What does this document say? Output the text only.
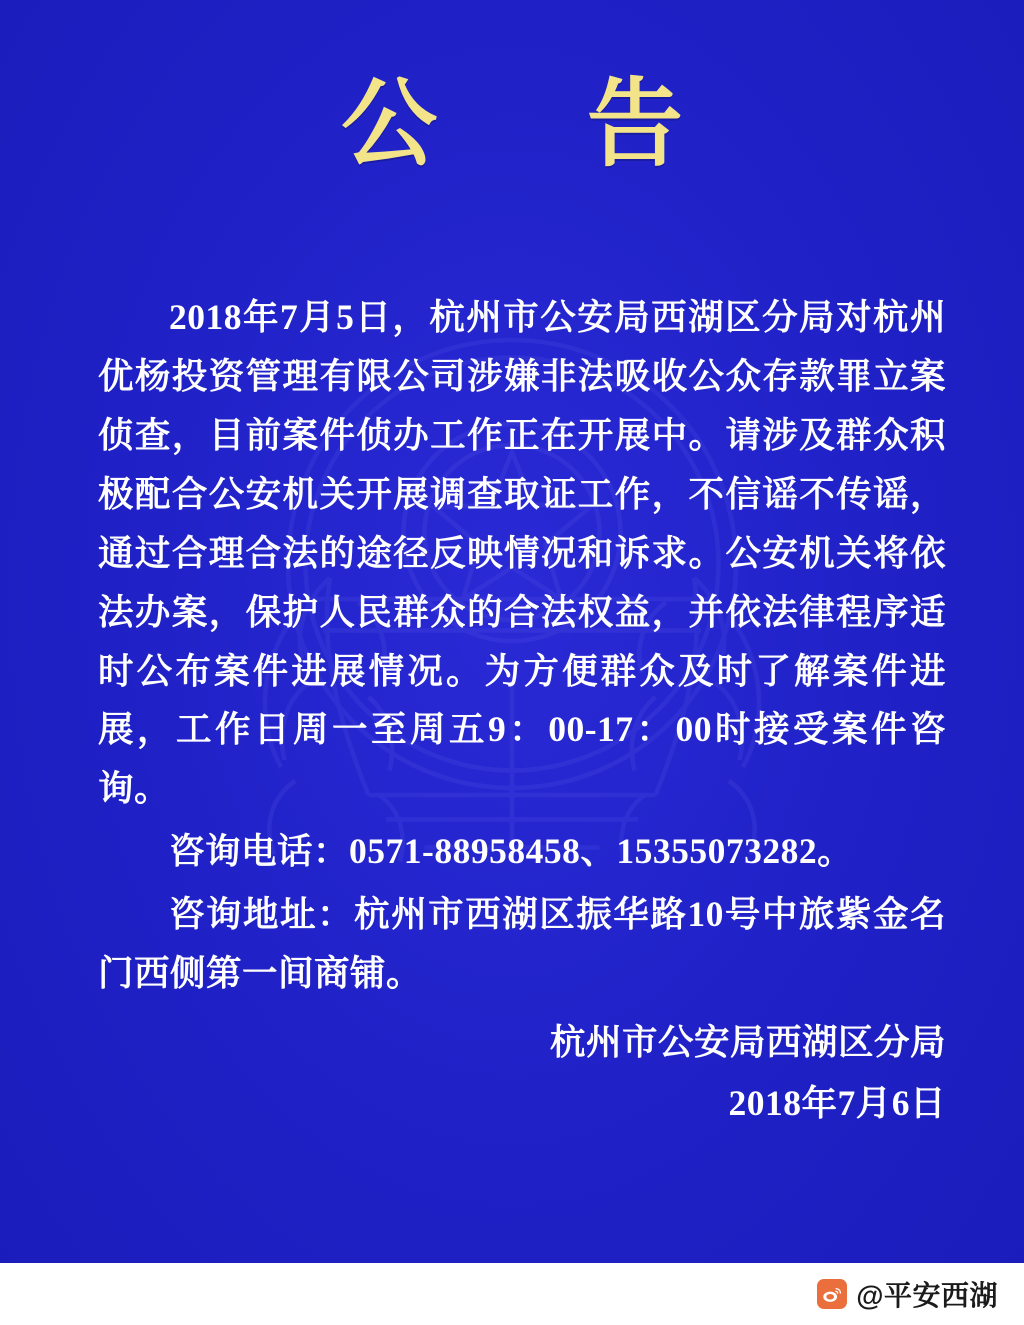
公　告

2018年7月5日，杭州市公安局西湖区分局对杭州优杨投资管理有限公司涉嫌非法吸收公众存款罪立案侦查，目前案件侦办工作正在开展中。请涉及群众积极配合公安机关开展调查取证工作，不信谣不传谣，通过合理合法的途径反映情况和诉求。公安机关将依法办案，保护人民群众的合法权益，并依法律程序适时公布案件进展情况。为方便群众及时了解案件进展，工作日周一至周五9：00-17：00时接受案件咨询。

咨询电话：0571-88958458、15355073282。

咨询地址：杭州市西湖区振华路10号中旅紫金名门西侧第一间商铺。

杭州市公安局西湖区分局
2018年7月6日
@平安西湖
